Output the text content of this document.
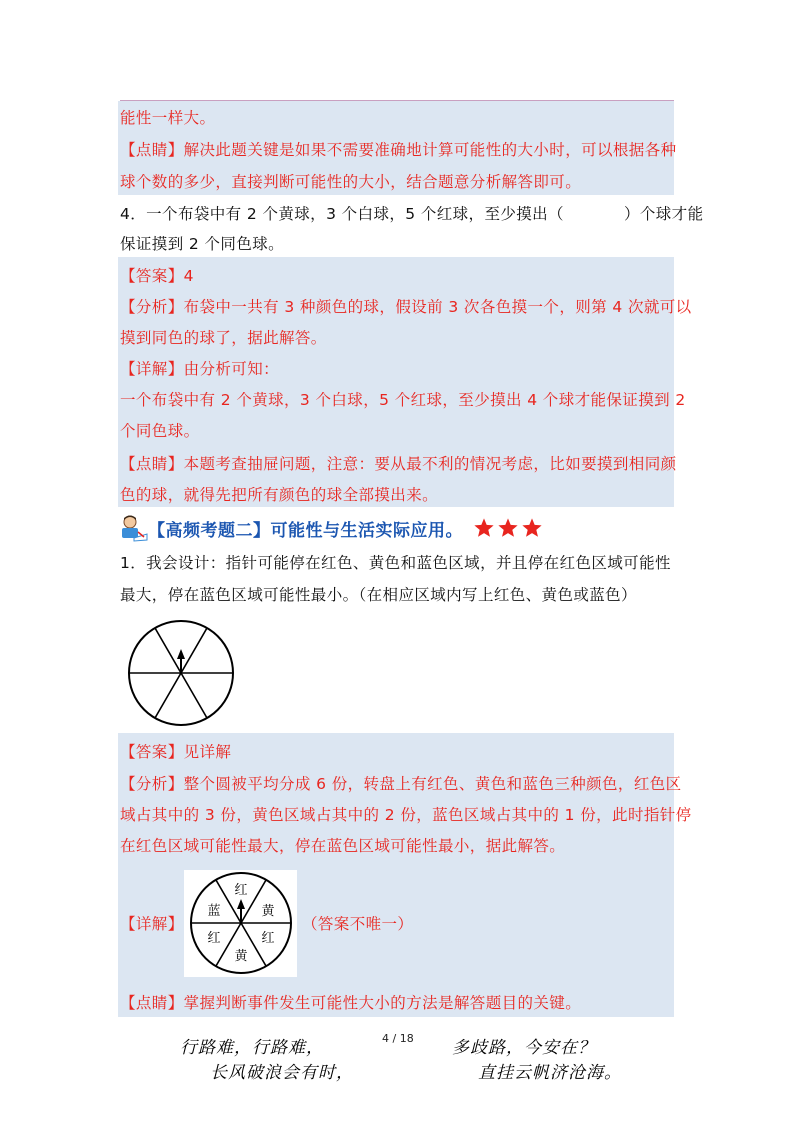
能性一样大。
【点睛】解决此题关键是如果不需要准确地计算可能性的大小时，可以根据各种
球个数的多少，直接判断可能性的大小，结合题意分析解答即可。
4．一个布袋中有 2 个黄球，3 个白球，5 个红球，至少摸出（	）个球才能
保证摸到 2 个同色球。
【答案】4
【分析】布袋中一共有 3 种颜色的球，假设前 3 次各色摸一个，则第 4 次就可以
摸到同色的球了，据此解答。
【详解】由分析可知：
一个布袋中有 2 个黄球，3 个白球，5 个红球，至少摸出 4 个球才能保证摸到 2
个同色球。
【点睛】本题考查抽屉问题，注意：要从最不利的情况考虑，比如要摸到相同颜
色的球，就得先把所有颜色的球全部摸出来。
【高频考题二】可能性与生活实际应用。
1．我会设计：指针可能停在红色、黄色和蓝色区域，并且停在红色区域可能性
最大，停在蓝色区域可能性最小。（在相应区域内写上红色、黄色或蓝色）
【答案】见详解
【分析】整个圆被平均分成 6 份，转盘上有红色、黄色和蓝色三种颜色，红色区
域占其中的 3 份，黄色区域占其中的 2 份，蓝色区域占其中的 1 份，此时指针停
在红色区域可能性最大，停在蓝色区域可能性最小，据此解答。
【详解】
红
黄
红
黄
红
蓝
（答案不唯一）
【点睛】掌握判断事件发生可能性大小的方法是解答题目的关键。
行路难，行路难，	4 / 18 多歧路，今安在？
长风破浪会有时，	直挂云帆济沧海。
